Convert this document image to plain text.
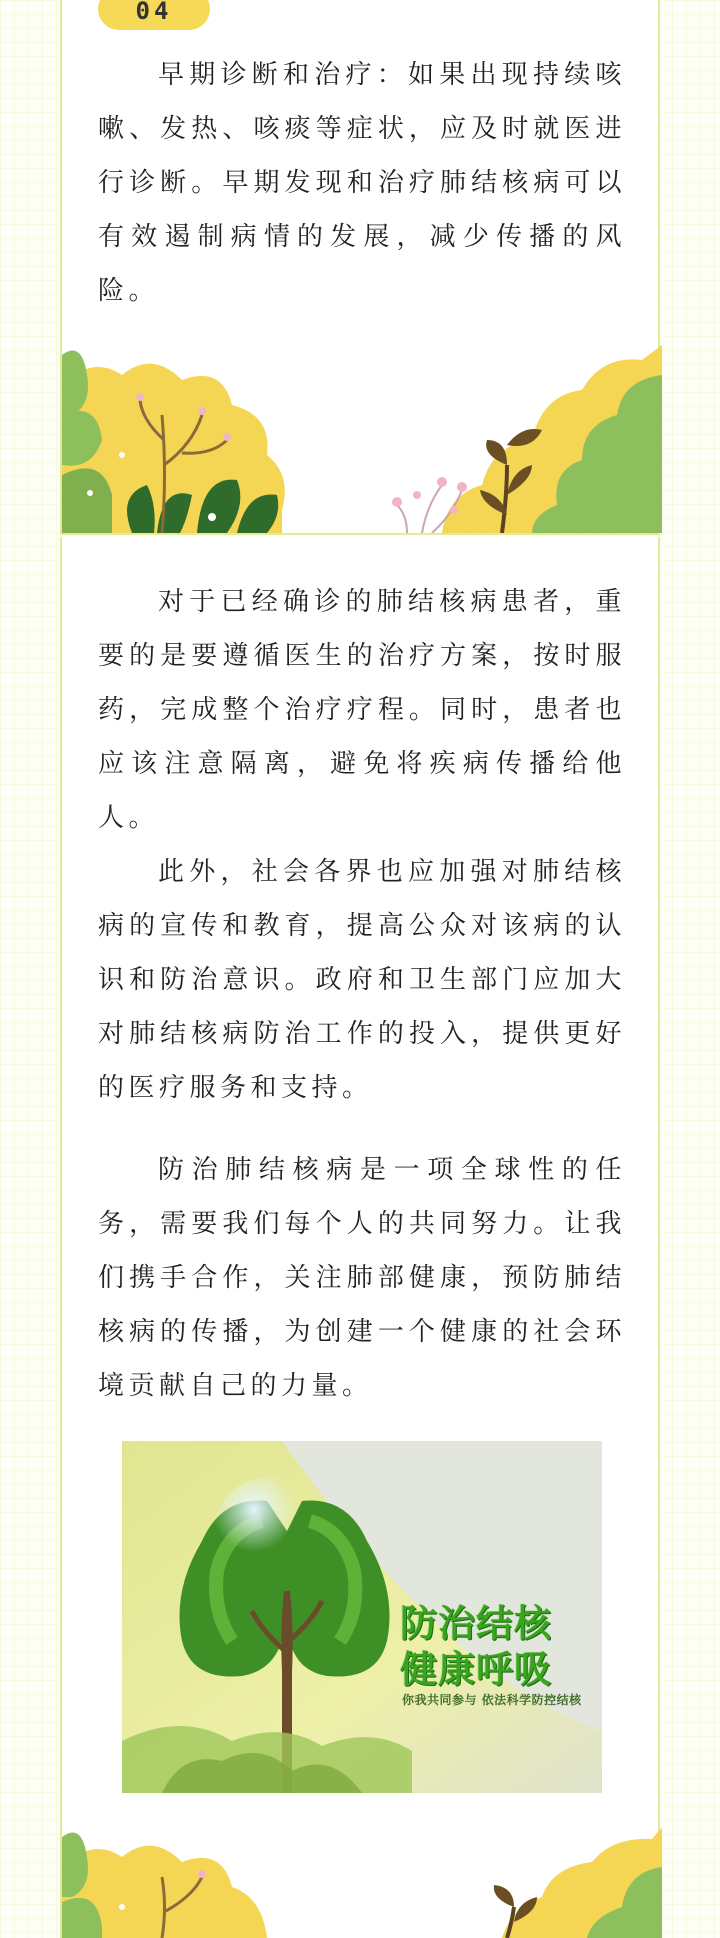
04

早期诊断和治疗：如果出现持续咳嗽、发热、咳痰等症状，应及时就医进行诊断。早期发现和治疗肺结核病可以有效遏制病情的发展，减少传播的风险。

对于已经确诊的肺结核病患者，重要的是要遵循医生的治疗方案，按时服药，完成整个治疗疗程。同时，患者也应该注意隔离，避免将疾病传播给他人。

此外，社会各界也应加强对肺结核病的宣传和教育，提高公众对该病的认识和防治意识。政府和卫生部门应加大对肺结核病防治工作的投入，提供更好的医疗服务和支持。

防治肺结核病是一项全球性的任务，需要我们每个人的共同努力。让我们携手合作，关注肺部健康，预防肺结核病的传播，为创建一个健康的社会环境贡献自己的力量。

防治结核
健康呼吸
你我共同参与 依法科学防控结核
